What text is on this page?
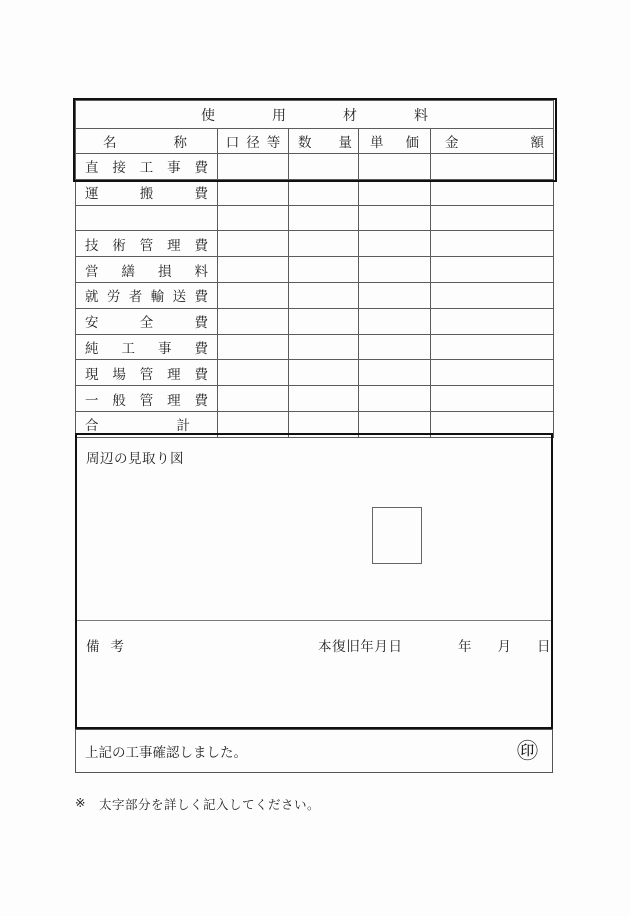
使 用 材 料				

名 称	口 径 等	数 量	単 価	金 額

直 接 工 事 費				

運 搬 費				

技 術 管 理 費				

営 繕 損 料				

就 労 者 輸 送 費

安 全 費				

純 工 事 費				

現 場 管 理 費				

一 般 管 理 費				

合 計				

周辺の見取り図
備 考	本復旧年月日	年 月 日
上記の工事確認しました。	㊞
※ 太字部分を詳しく記入してください。
